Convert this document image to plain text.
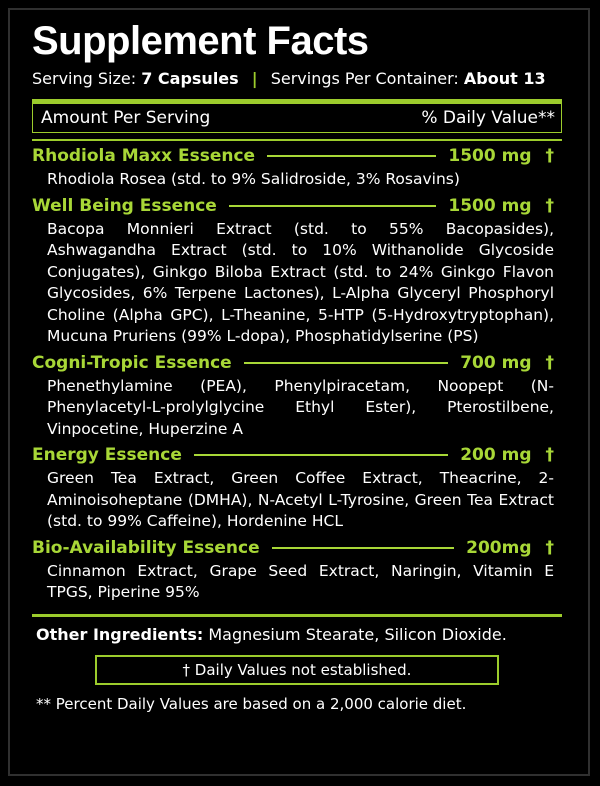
Supplement Facts
Serving Size: 7 Capsules | Servings Per Container: About 13
Amount Per Serving	% Daily Value**
Rhodiola Maxx Essence	1500 mg †
Rhodiola Rosea (std. to 9% Salidroside, 3% Rosavins)
Well Being Essence	1500 mg †
Bacopa Monnieri Extract (std. to 55% Bacopasides), Ashwagandha Extract (std. to 10% Withanolide Glycoside Conjugates), Ginkgo Biloba Extract (std. to 24% Ginkgo Flavon Glycosides, 6% Terpene Lactones), L-Alpha Glyceryl Phosphoryl Choline (Alpha GPC), L-Theanine, 5-HTP (5-Hydroxytryptophan), Mucuna Pruriens (99% L-dopa), Phosphatidylserine (PS)
Cogni-Tropic Essence	700 mg †
Phenethylamine (PEA), Phenylpiracetam, Noopept (N-Phenylacetyl-L-prolylglycine Ethyl Ester), Pterostilbene, Vinpocetine, Huperzine A
Energy Essence	200 mg †
Green Tea Extract, Green Coffee Extract, Theacrine, 2-Aminoisoheptane (DMHA), N-Acetyl L-Tyrosine, Green Tea Extract (std. to 99% Caffeine), Hordenine HCL
Bio-Availability Essence	200mg †
Cinnamon Extract, Grape Seed Extract, Naringin, Vitamin E TPGS, Piperine 95%
Other Ingredients: Magnesium Stearate, Silicon Dioxide.
† Daily Values not established.
** Percent Daily Values are based on a 2,000 calorie diet.
